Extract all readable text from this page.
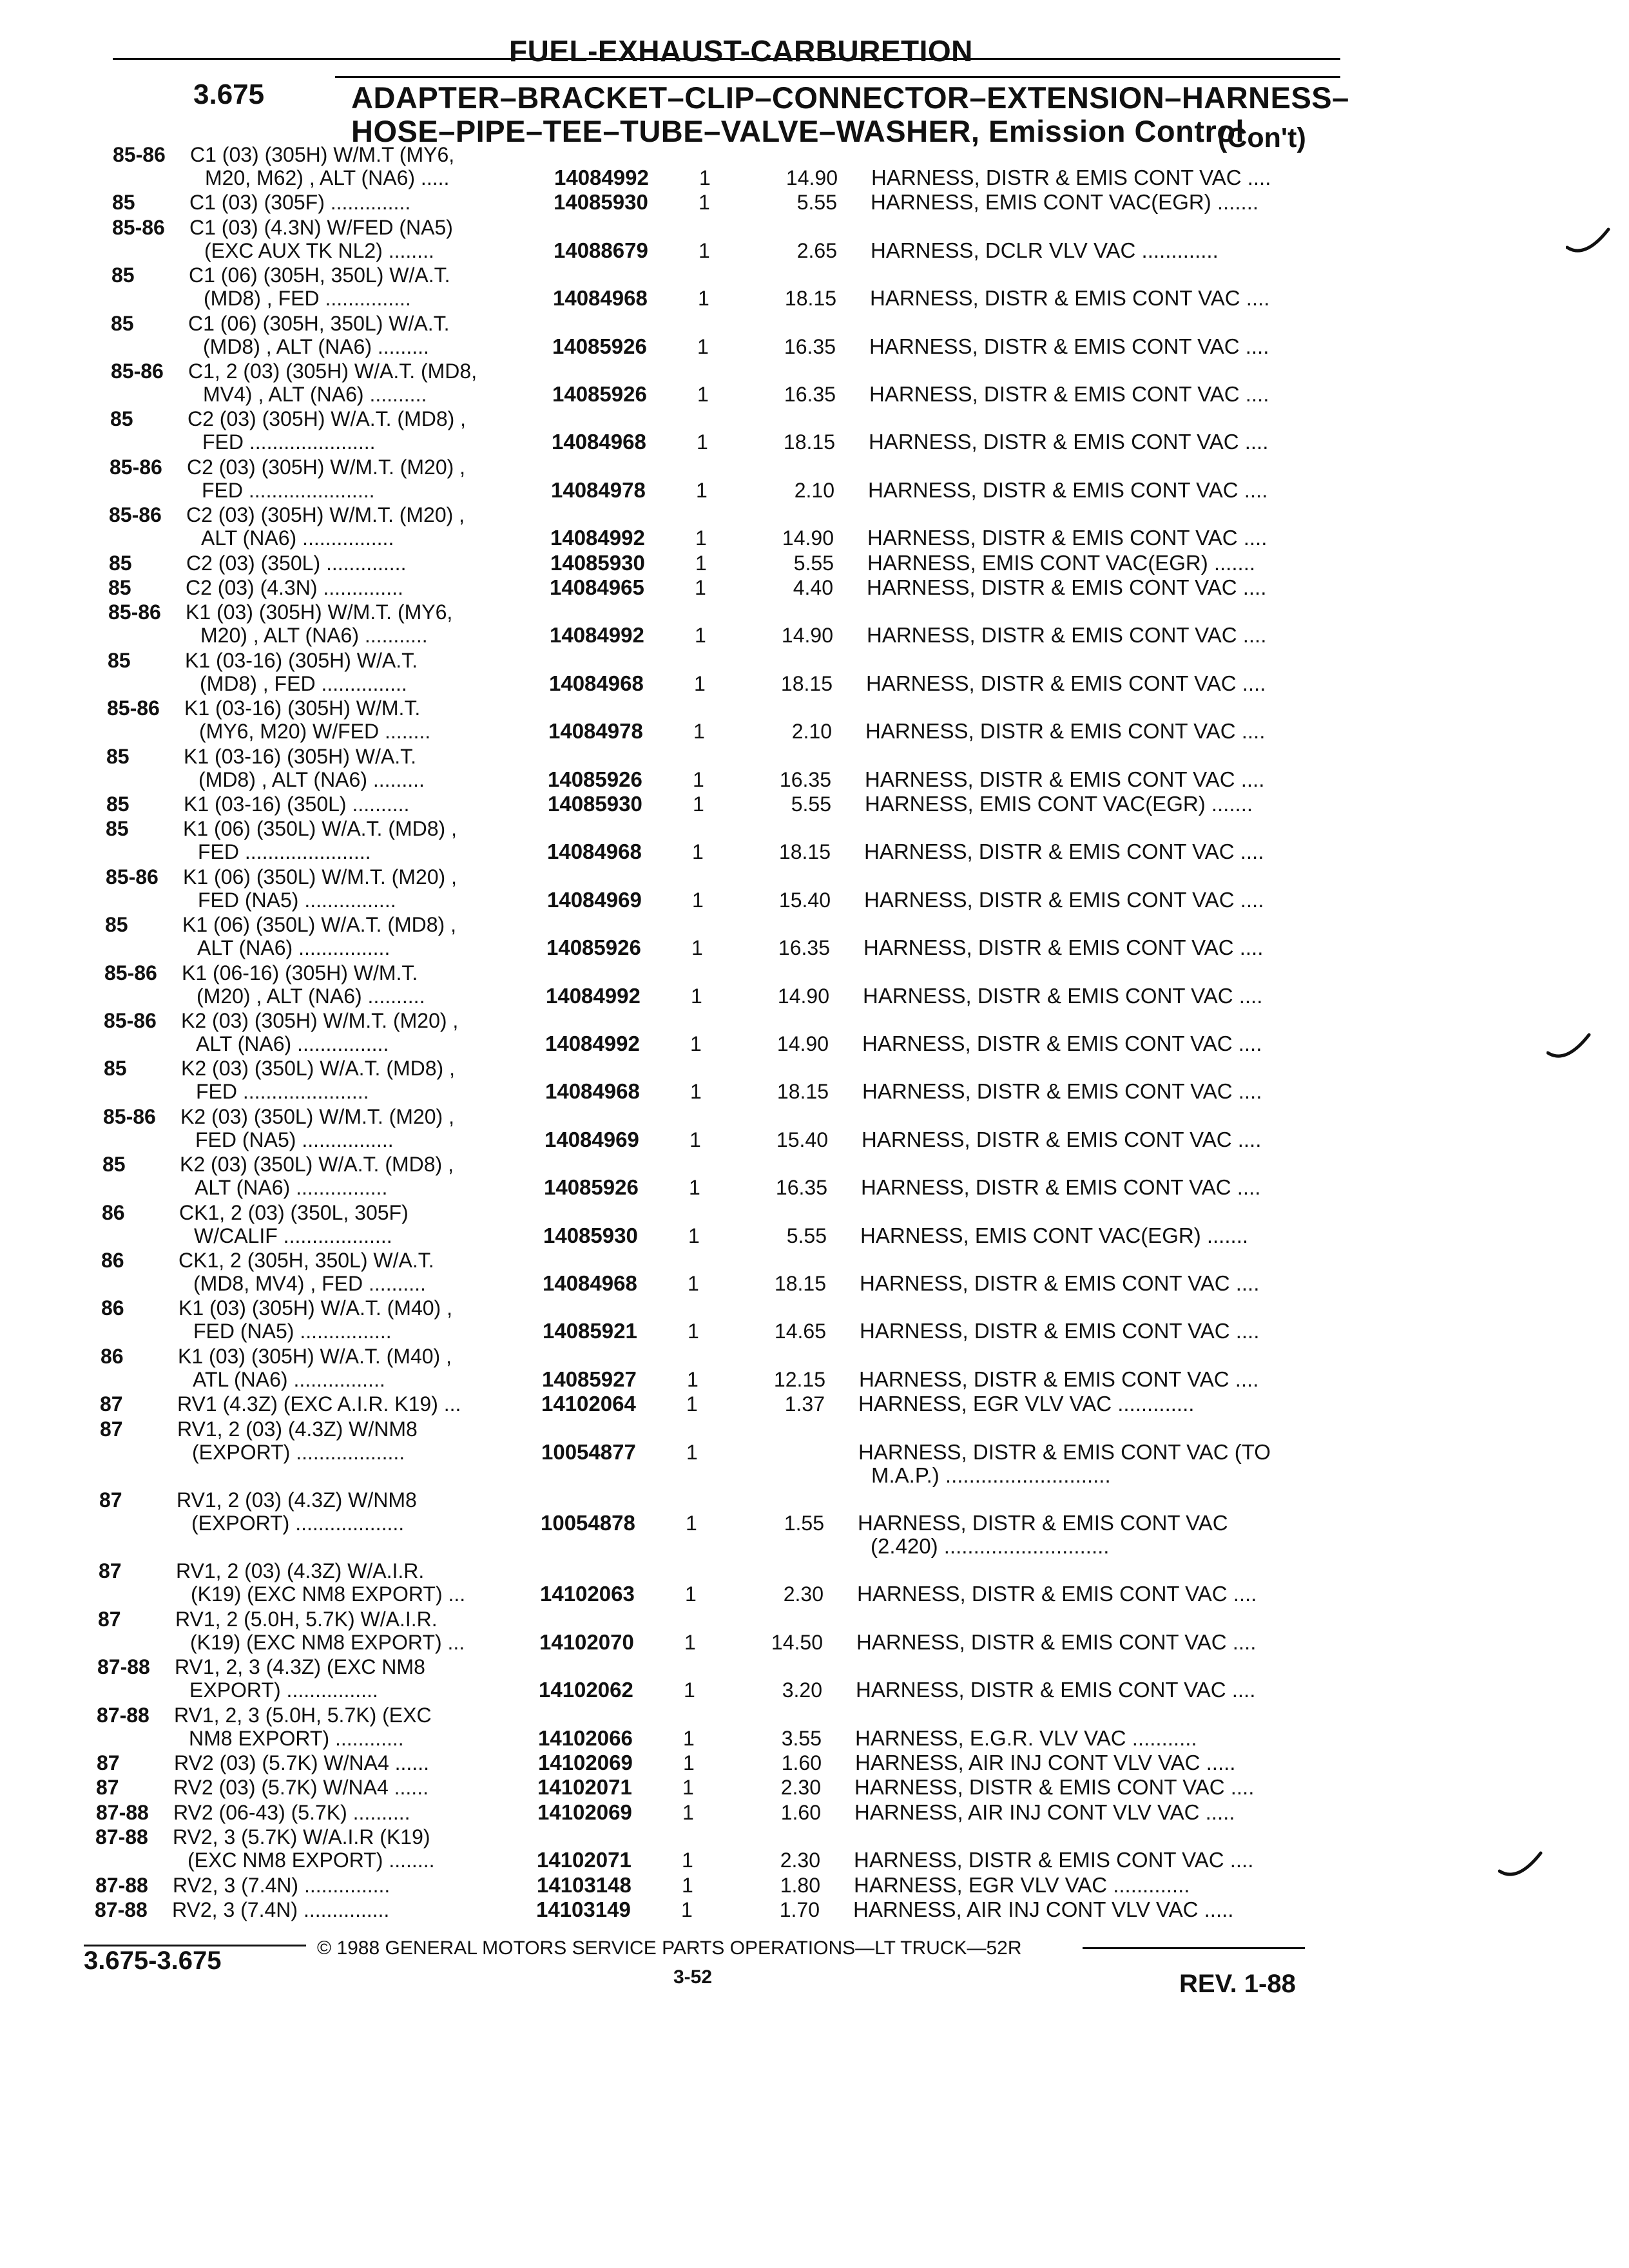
FUEL-EXHAUST-CARBURETION
3.675	ADAPTER–BRACKET–CLIP–CONNECTOR–EXTENSION–HARNESS–
HOSE–PIPE–TEE–TUBE–VALVE–WASHER, Emission Control
(Con't)
85-86 C1 (03) (305H) W/M.T (MY6,
M20, M62) , ALT (NA6) .....	14084992 1	14.90 HARNESS, DISTR & EMIS CONT VAC ....
85	C1 (03) (305F) ..............	14085930 1	5.55 HARNESS, EMIS CONT VAC(EGR) .......
85-86 C1 (03) (4.3N) W/FED (NA5)
(EXC AUX TK NL2) ........	14088679 1	2.65 HARNESS, DCLR VLV VAC .............
85	C1 (06) (305H, 350L) W/A.T.
(MD8) , FED ...............	14084968 1	18.15 HARNESS, DISTR & EMIS CONT VAC ....
85	C1 (06) (305H, 350L) W/A.T.
(MD8) , ALT (NA6) .........	14085926 1	16.35 HARNESS, DISTR & EMIS CONT VAC ....
85-86 C1, 2 (03) (305H) W/A.T. (MD8,
MV4) , ALT (NA6) ..........	14085926 1	16.35 HARNESS, DISTR & EMIS CONT VAC ....
85	C2 (03) (305H) W/A.T. (MD8) ,
FED ......................	14084968 1	18.15 HARNESS, DISTR & EMIS CONT VAC ....
85-86 C2 (03) (305H) W/M.T. (M20) ,
FED ......................	14084978 1	2.10 HARNESS, DISTR & EMIS CONT VAC ....
85-86 C2 (03) (305H) W/M.T. (M20) ,
ALT (NA6) ................	14084992 1	14.90 HARNESS, DISTR & EMIS CONT VAC ....
85	C2 (03) (350L) ..............	14085930 1	5.55 HARNESS, EMIS CONT VAC(EGR) .......
85	C2 (03) (4.3N) ..............	14084965 1	4.40 HARNESS, DISTR & EMIS CONT VAC ....
85-86 K1 (03) (305H) W/M.T. (MY6,
M20) , ALT (NA6) ...........	14084992 1	14.90 HARNESS, DISTR & EMIS CONT VAC ....
85	K1 (03-16) (305H) W/A.T.
(MD8) , FED ...............	14084968 1	18.15 HARNESS, DISTR & EMIS CONT VAC ....
85-86 K1 (03-16) (305H) W/M.T.
(MY6, M20) W/FED ........	14084978 1	2.10 HARNESS, DISTR & EMIS CONT VAC ....
85	K1 (03-16) (305H) W/A.T.
(MD8) , ALT (NA6) .........	14085926 1	16.35 HARNESS, DISTR & EMIS CONT VAC ....
85	K1 (03-16) (350L) ..........	14085930 1	5.55 HARNESS, EMIS CONT VAC(EGR) .......
85	K1 (06) (350L) W/A.T. (MD8) ,
FED ......................	14084968 1	18.15 HARNESS, DISTR & EMIS CONT VAC ....
85-86 K1 (06) (350L) W/M.T. (M20) ,
FED (NA5) ................	14084969 1	15.40 HARNESS, DISTR & EMIS CONT VAC ....
85	K1 (06) (350L) W/A.T. (MD8) ,
ALT (NA6) ................	14085926 1	16.35 HARNESS, DISTR & EMIS CONT VAC ....
85-86 K1 (06-16) (305H) W/M.T.
(M20) , ALT (NA6) ..........	14084992 1	14.90 HARNESS, DISTR & EMIS CONT VAC ....
85-86 K2 (03) (305H) W/M.T. (M20) ,
ALT (NA6) ................	14084992 1	14.90 HARNESS, DISTR & EMIS CONT VAC ....
85	K2 (03) (350L) W/A.T. (MD8) ,
FED ......................	14084968 1	18.15 HARNESS, DISTR & EMIS CONT VAC ....
85-86 K2 (03) (350L) W/M.T. (M20) ,
FED (NA5) ................	14084969 1	15.40 HARNESS, DISTR & EMIS CONT VAC ....
85	K2 (03) (350L) W/A.T. (MD8) ,
ALT (NA6) ................	14085926 1	16.35 HARNESS, DISTR & EMIS CONT VAC ....
86	CK1, 2 (03) (350L, 305F)
W/CALIF ...................	14085930 1	5.55 HARNESS, EMIS CONT VAC(EGR) .......
86	CK1, 2 (305H, 350L) W/A.T.
(MD8, MV4) , FED ..........	14084968 1	18.15 HARNESS, DISTR & EMIS CONT VAC ....
86	K1 (03) (305H) W/A.T. (M40) ,
FED (NA5) ................	14085921 1	14.65 HARNESS, DISTR & EMIS CONT VAC ....
86	K1 (03) (305H) W/A.T. (M40) ,
ATL (NA6) ................	14085927 1	12.15 HARNESS, DISTR & EMIS CONT VAC ....
87	RV1 (4.3Z) (EXC A.I.R. K19) ...	14102064 1	1.37 HARNESS, EGR VLV VAC .............
87	RV1, 2 (03) (4.3Z) W/NM8
(EXPORT) ...................	10054877 1	HARNESS, DISTR & EMIS CONT VAC (TO
M.A.P.) ............................
87	RV1, 2 (03) (4.3Z) W/NM8
(EXPORT) ...................	10054878 1	1.55 HARNESS, DISTR & EMIS CONT VAC
(2.420) ............................
87	RV1, 2 (03) (4.3Z) W/A.I.R.
(K19) (EXC NM8 EXPORT) ...	14102063 1	2.30 HARNESS, DISTR & EMIS CONT VAC ....
87	RV1, 2 (5.0H, 5.7K) W/A.I.R.
(K19) (EXC NM8 EXPORT) ...	14102070 1	14.50 HARNESS, DISTR & EMIS CONT VAC ....
87-88 RV1, 2, 3 (4.3Z) (EXC NM8
EXPORT) ................	14102062 1	3.20 HARNESS, DISTR & EMIS CONT VAC ....
87-88 RV1, 2, 3 (5.0H, 5.7K) (EXC
NM8 EXPORT) ............	14102066 1	3.55 HARNESS, E.G.R. VLV VAC ...........
87	RV2 (03) (5.7K) W/NA4 ......	14102069 1	1.60 HARNESS, AIR INJ CONT VLV VAC .....
87	RV2 (03) (5.7K) W/NA4 ......	14102071 1	2.30 HARNESS, DISTR & EMIS CONT VAC ....
87-88 RV2 (06-43) (5.7K) ..........	14102069 1	1.60 HARNESS, AIR INJ CONT VLV VAC .....
87-88 RV2, 3 (5.7K) W/A.I.R (K19)
(EXC NM8 EXPORT) ........	14102071 1	2.30 HARNESS, DISTR & EMIS CONT VAC ....
87-88 RV2, 3 (7.4N) ...............	14103148 1	1.80 HARNESS, EGR VLV VAC .............
87-88 RV2, 3 (7.4N) ...............	14103149 1	1.70 HARNESS, AIR INJ CONT VLV VAC .....
© 1988 GENERAL MOTORS SERVICE PARTS OPERATIONS—LT TRUCK—52R
3.675-3.675
3-52	REV. 1-88
